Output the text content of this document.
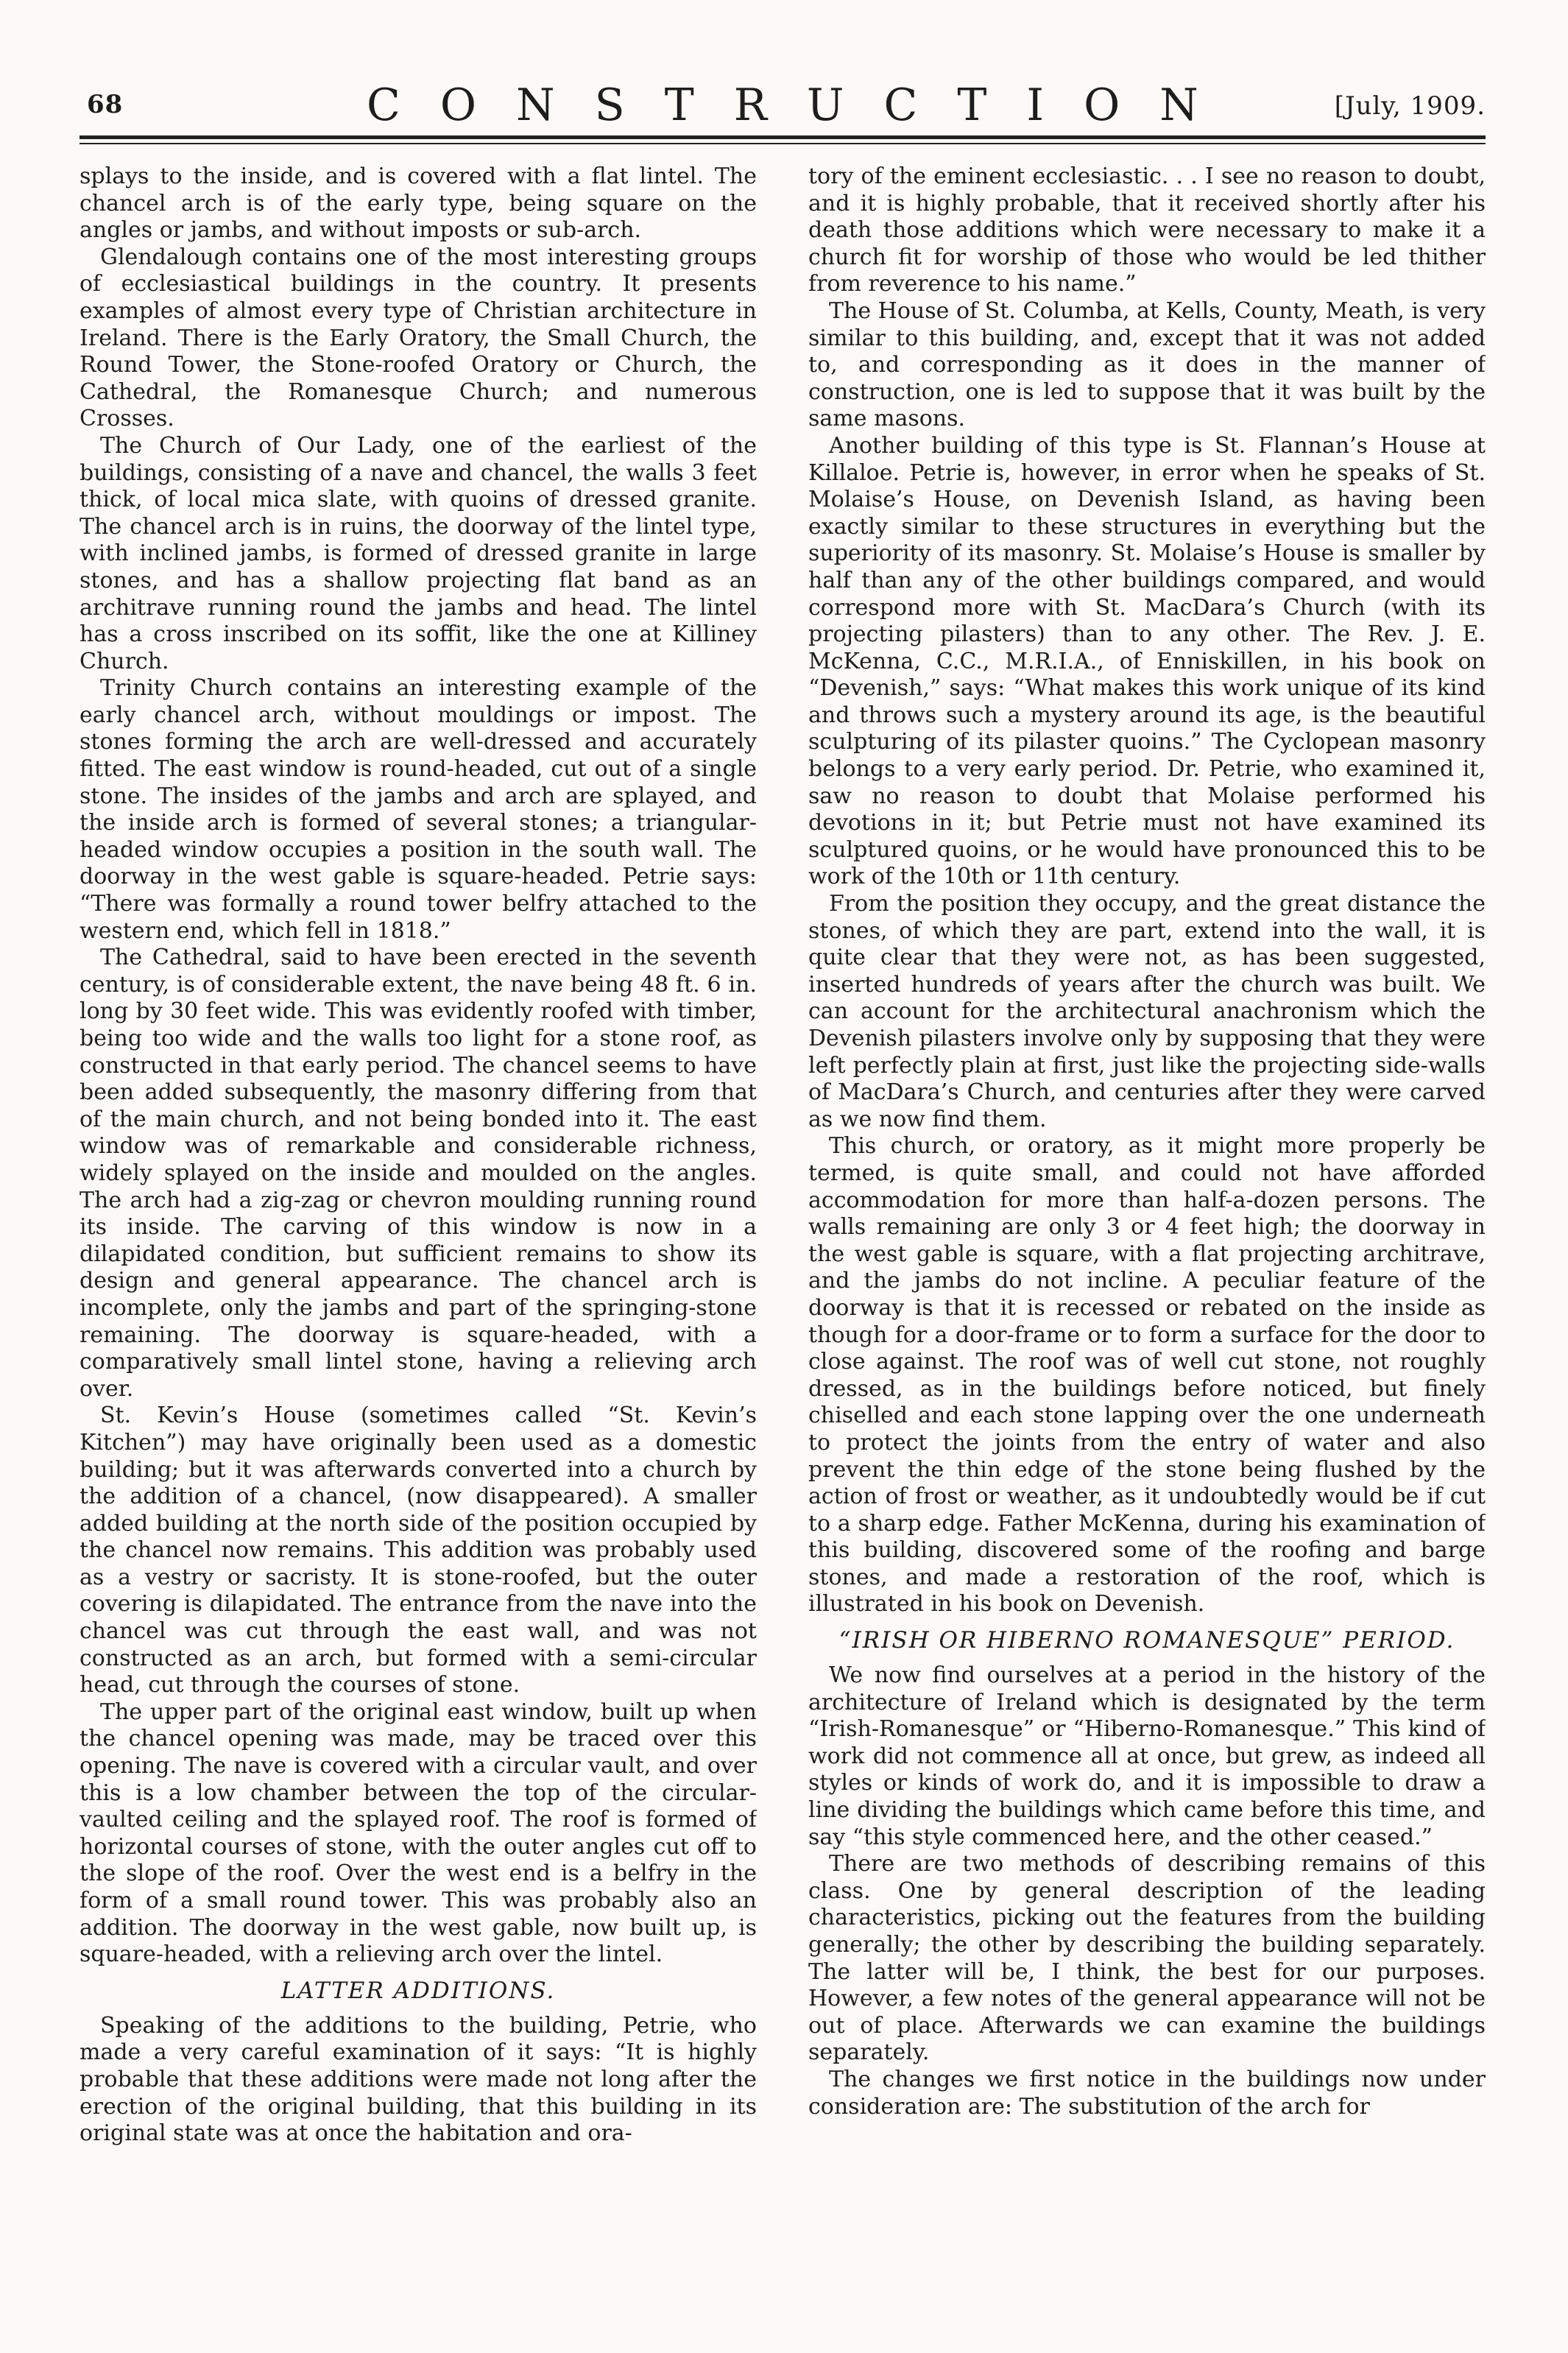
68	CONSTRUCTION	[July, 1909.

splays to the inside, and is covered with a flat lintel. The chancel arch is of the early type, being square on the angles or jambs, and without imposts or sub-arch.

Glendalough contains one of the most interesting groups of ecclesiastical buildings in the country. It presents examples of almost every type of Christian architecture in Ireland. There is the Early Oratory, the Small Church, the Round Tower, the Stone-roofed Oratory or Church, the Cathedral, the Romanesque Church; and numerous Crosses.

The Church of Our Lady, one of the earliest of the buildings, consisting of a nave and chancel, the walls 3 feet thick, of local mica slate, with quoins of dressed granite. The chancel arch is in ruins, the doorway of the lintel type, with inclined jambs, is formed of dressed granite in large stones, and has a shallow projecting flat band as an architrave running round the jambs and head. The lintel has a cross inscribed on its soffit, like the one at Killiney Church.

Trinity Church contains an interesting example of the early chancel arch, without mouldings or impost. The stones forming the arch are well-dressed and accurately fitted. The east window is round-headed, cut out of a single stone. The insides of the jambs and arch are splayed, and the inside arch is formed of several stones; a triangular-headed window occupies a position in the south wall. The doorway in the west gable is square-headed. Petrie says: “There was formally a round tower belfry attached to the western end, which fell in 1818.”

The Cathedral, said to have been erected in the seventh century, is of considerable extent, the nave being 48 ft. 6 in. long by 30 feet wide. This was evidently roofed with timber, being too wide and the walls too light for a stone roof, as constructed in that early period. The chancel seems to have been added subsequently, the masonry differing from that of the main church, and not being bonded into it. The east window was of remarkable and considerable richness, widely splayed on the inside and moulded on the angles. The arch had a zig-zag or chevron moulding running round its inside. The carving of this window is now in a dilapidated condition, but sufficient remains to show its design and general appearance. The chancel arch is incomplete, only the jambs and part of the springing-stone remaining. The doorway is square-headed, with a comparatively small lintel stone, having a relieving arch over.

St. Kevin’s House (sometimes called “St. Kevin’s Kitchen”) may have originally been used as a domestic building; but it was afterwards converted into a church by the addition of a chancel, (now disappeared). A smaller added building at the north side of the position occupied by the chancel now remains. This addition was probably used as a vestry or sacristy. It is stone-roofed, but the outer covering is dilapidated. The entrance from the nave into the chancel was cut through the east wall, and was not constructed as an arch, but formed with a semi-circular head, cut through the courses of stone.

The upper part of the original east window, built up when the chancel opening was made, may be traced over this opening. The nave is covered with a circular vault, and over this is a low chamber between the top of the circular-vaulted ceiling and the splayed roof. The roof is formed of horizontal courses of stone, with the outer angles cut off to the slope of the roof. Over the west end is a belfry in the form of a small round tower. This was probably also an addition. The doorway in the west gable, now built up, is square-headed, with a relieving arch over the lintel.

LATTER ADDITIONS.

Speaking of the additions to the building, Petrie, who made a very careful examination of it says: “It is highly probable that these additions were made not long after the erection of the original building, that this building in its original state was at once the habitation and ora-

tory of the eminent ecclesiastic. . . I see no reason to doubt, and it is highly probable, that it received shortly after his death those additions which were necessary to make it a church fit for worship of those who would be led thither from reverence to his name.”

The House of St. Columba, at Kells, County, Meath, is very similar to this building, and, except that it was not added to, and corresponding as it does in the manner of construction, one is led to suppose that it was built by the same masons.

Another building of this type is St. Flannan’s House at Killaloe. Petrie is, however, in error when he speaks of St. Molaise’s House, on Devenish Island, as having been exactly similar to these structures in everything but the superiority of its masonry. St. Molaise’s House is smaller by half than any of the other buildings compared, and would correspond more with St. MacDara’s Church (with its projecting pilasters) than to any other. The Rev. J. E. McKenna, C.C., M.R.I.A., of Enniskillen, in his book on “Devenish,” says: “What makes this work unique of its kind and throws such a mystery around its age, is the beautiful sculpturing of its pilaster quoins.” The Cyclopean masonry belongs to a very early period. Dr. Petrie, who examined it, saw no reason to doubt that Molaise performed his devotions in it; but Petrie must not have examined its sculptured quoins, or he would have pronounced this to be work of the 10th or 11th century.

From the position they occupy, and the great distance the stones, of which they are part, extend into the wall, it is quite clear that they were not, as has been suggested, inserted hundreds of years after the church was built. We can account for the architectural anachronism which the Devenish pilasters involve only by supposing that they were left perfectly plain at first, just like the projecting side-walls of MacDara’s Church, and centuries after they were carved as we now find them.

This church, or oratory, as it might more properly be termed, is quite small, and could not have afforded accommodation for more than half-a-dozen persons. The walls remaining are only 3 or 4 feet high; the doorway in the west gable is square, with a flat projecting architrave, and the jambs do not incline. A peculiar feature of the doorway is that it is recessed or rebated on the inside as though for a door-frame or to form a surface for the door to close against. The roof was of well cut stone, not roughly dressed, as in the buildings before noticed, but finely chiselled and each stone lapping over the one underneath to protect the joints from the entry of water and also prevent the thin edge of the stone being flushed by the action of frost or weather, as it undoubtedly would be if cut to a sharp edge. Father McKenna, during his examination of this building, discovered some of the roofing and barge stones, and made a restoration of the roof, which is illustrated in his book on Devenish.

“IRISH OR HIBERNO ROMANESQUE” PERIOD.

We now find ourselves at a period in the history of the architecture of Ireland which is designated by the term “Irish-Romanesque” or “Hiberno-Romanesque.” This kind of work did not commence all at once, but grew, as indeed all styles or kinds of work do, and it is impossible to draw a line dividing the buildings which came before this time, and say “this style commenced here, and the other ceased.”

There are two methods of describing remains of this class. One by general description of the leading characteristics, picking out the features from the building generally; the other by describing the building separately. The latter will be, I think, the best for our purposes. However, a few notes of the general appearance will not be out of place. Afterwards we can examine the buildings separately.

The changes we first notice in the buildings now under consideration are: The substitution of the arch for
